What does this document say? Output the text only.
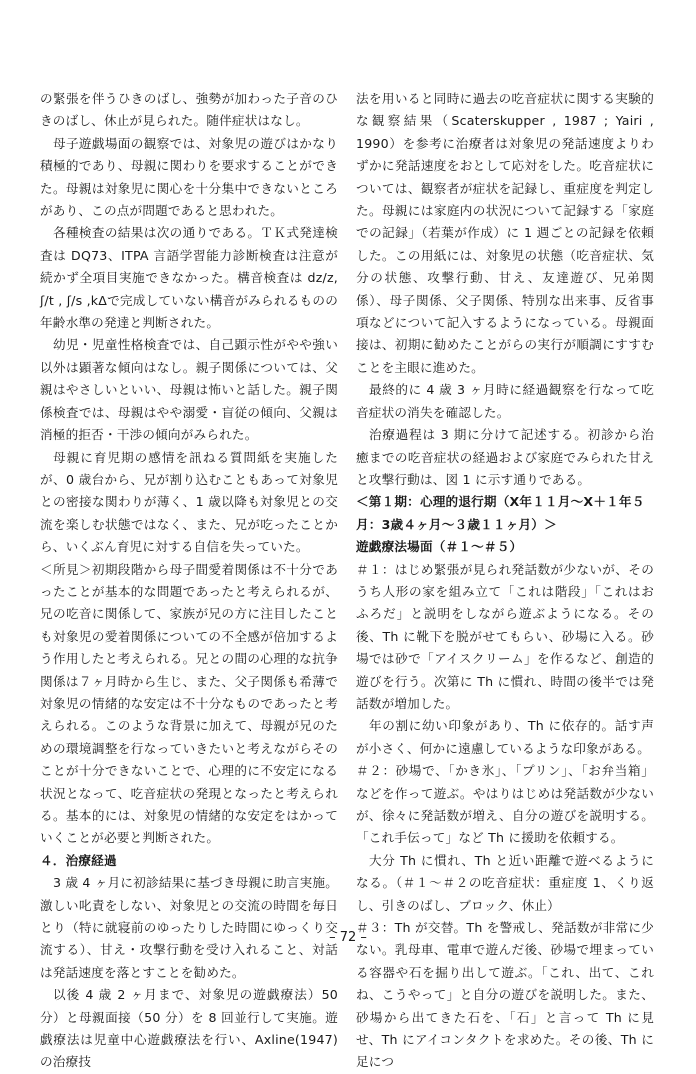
の緊張を伴うひきのばし、強勢が加わった子音のひきのばし、休止が見られた。随伴症状はなし。

母子遊戯場面の観察では、対象児の遊びはかなり積極的であり、母親に関わりを要求することができた。母親は対象児に関心を十分集中できないところがあり、この点が問題であると思われた。

各種検査の結果は次の通りである。ＴＫ式発達検査は DQ73、ITPA 言語学習能力診断検査は注意が続かず全項目実施できなかった。構音検査は dz/z, ʃ/t , ʃ/s ,kΔで完成していない構音がみられるものの年齢水準の発達と判断された。

幼児・児童性格検査では、自己顕示性がやや強い以外は顕著な傾向はなし。親子関係については、父親はやさしいといい、母親は怖いと話した。親子関係検査では、母親はやや溺愛・盲従の傾向、父親は消極的拒否・干渉の傾向がみられた。

母親に育児期の感情を訊ねる質問紙を実施したが、0 歳台から、兄が割り込むこともあって対象児との密接な関わりが薄く、1 歳以降も対象児との交流を楽しむ状態ではなく、また、兄が吃ったことから、いくぶん育児に対する自信を失っていた。

＜所見＞初期段階から母子間愛着関係は不十分であったことが基本的な問題であったと考えられるが、兄の吃音に関係して、家族が兄の方に注目したことも対象児の愛着関係についての不全感が倍加するよう作用したと考えられる。兄との間の心理的な抗争関係は７ヶ月時から生じ、また、父子関係も希薄で対象児の情緒的な安定は不十分なものであったと考えられる。このような背景に加えて、母親が兄のための環境調整を行なっていきたいと考えながらそのことが十分できないことで、心理的に不安定になる状況となって、吃音症状の発現となったと考えられる。基本的には、対象児の情緒的な安定をはかっていくことが必要と判断された。

４．治療経過

3 歳 4 ヶ月に初診結果に基づき母親に助言実施。激しい叱責をしない、対象児との交流の時間を毎日とり（特に就寝前のゆったりした時間にゆっくり交流する）、甘え・攻撃行動を受け入れること、対話は発話速度を落とすことを勧めた。

以後 4 歳 2 ヶ月まで、対象児の遊戯療法）50 分）と母親面接（50 分）を 8 回並行して実施。遊戯療法は児童中心遊戯療法を行い、Axline(1947)の治療技

法を用いると同時に過去の吃音症状に関する実験的な観察結果（Scaterskupper , 1987 ; Yairi , 1990）を参考に治療者は対象児の発話速度よりわずかに発話速度をおとして応対をした。吃音症状については、観察者が症状を記録し、重症度を判定した。母親には家庭内の状況について記録する「家庭での記録」（若葉が作成）に 1 週ごとの記録を依頼した。この用紙には、対象児の状態（吃音症状、気分の状態、攻撃行動、甘え、友達遊び、兄弟関係）、母子関係、父子関係、特別な出来事、反省事項などについて記入するようになっている。母親面接は、初期に勧めたことがらの実行が順調にすすむことを主眼に進めた。

最終的に 4 歳 3 ヶ月時に経過観察を行なって吃音症状の消失を確認した。

治療過程は 3 期に分けて記述する。初診から治癒までの吃音症状の経過および家庭でみられた甘えと攻撃行動は、図 1 に示す通りである。

＜第１期：心理的退行期（X年１１月〜X＋１年５

月：3歳４ヶ月〜３歳１１ヶ月）＞

遊戯療法場面（＃１〜＃５）

＃１：はじめ緊張が見られ発話数が少ないが、そのうち人形の家を組み立て「これは階段」「これはおふろだ」と説明をしながら遊ぶようになる。その後、Th に靴下を脱がせてもらい、砂場に入る。砂場では砂で「アイスクリーム」を作るなど、創造的遊びを行う。次第に Th に慣れ、時間の後半では発話数が増加した。

年の割に幼い印象があり、Th に依存的。話す声が小さく、何かに遠慮しているような印象がある。

＃２：砂場で、「かき氷」、「プリン」、「お弁当箱」などを作って遊ぶ。やはりはじめは発話数が少ないが、徐々に発話数が増え、自分の遊びを説明する。「これ手伝って」など Th に援助を依頼する。

大分 Th に慣れ、Th と近い距離で遊べるようになる。（＃１〜＃２の吃音症状：重症度 1、くり返し、引きのばし、ブロック、休止）

＃３：Th が交替。Th を警戒し、発話数が非常に少ない。乳母車、電車で遊んだ後、砂場で埋まっている容器や石を掘り出して遊ぶ。「これ、出て、これね、こうやって」と自分の遊びを説明した。また、砂場から出てきた石を、「石」と言って Th に見せ、Th にアイコンタクトを求めた。その後、Th に足につ

– 72 –
